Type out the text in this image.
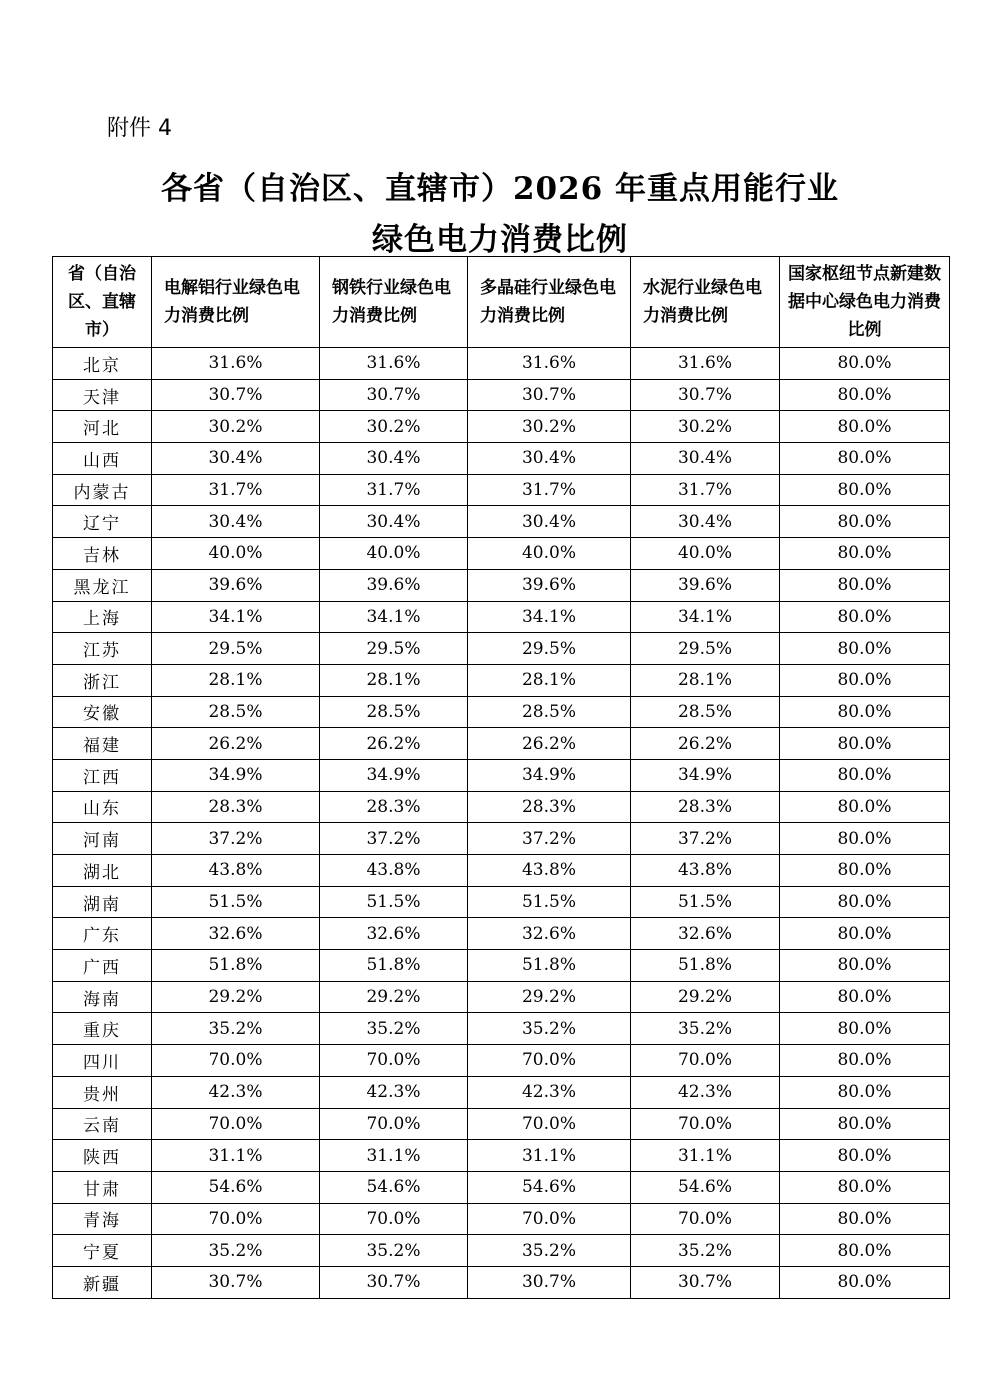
附件 4
各省（自治区、直辖市）2026 年重点用能行业
绿色电力消费比例
省（自治区、直辖市）	电解铝行业绿色电力消费比例	钢铁行业绿色电力消费比例	多晶硅行业绿色电力消费比例	水泥行业绿色电力消费比例	国家枢纽节点新建数据中心绿色电力消费比例
北京	31.6%	31.6%	31.6%	31.6%	80.0%
天津	30.7%	30.7%	30.7%	30.7%	80.0%
河北	30.2%	30.2%	30.2%	30.2%	80.0%
山西	30.4%	30.4%	30.4%	30.4%	80.0%
内蒙古	31.7%	31.7%	31.7%	31.7%	80.0%
辽宁	30.4%	30.4%	30.4%	30.4%	80.0%
吉林	40.0%	40.0%	40.0%	40.0%	80.0%
黑龙江	39.6%	39.6%	39.6%	39.6%	80.0%
上海	34.1%	34.1%	34.1%	34.1%	80.0%
江苏	29.5%	29.5%	29.5%	29.5%	80.0%
浙江	28.1%	28.1%	28.1%	28.1%	80.0%
安徽	28.5%	28.5%	28.5%	28.5%	80.0%
福建	26.2%	26.2%	26.2%	26.2%	80.0%
江西	34.9%	34.9%	34.9%	34.9%	80.0%
山东	28.3%	28.3%	28.3%	28.3%	80.0%
河南	37.2%	37.2%	37.2%	37.2%	80.0%
湖北	43.8%	43.8%	43.8%	43.8%	80.0%
湖南	51.5%	51.5%	51.5%	51.5%	80.0%
广东	32.6%	32.6%	32.6%	32.6%	80.0%
广西	51.8%	51.8%	51.8%	51.8%	80.0%
海南	29.2%	29.2%	29.2%	29.2%	80.0%
重庆	35.2%	35.2%	35.2%	35.2%	80.0%
四川	70.0%	70.0%	70.0%	70.0%	80.0%
贵州	42.3%	42.3%	42.3%	42.3%	80.0%
云南	70.0%	70.0%	70.0%	70.0%	80.0%
陕西	31.1%	31.1%	31.1%	31.1%	80.0%
甘肃	54.6%	54.6%	54.6%	54.6%	80.0%
青海	70.0%	70.0%	70.0%	70.0%	80.0%
宁夏	35.2%	35.2%	35.2%	35.2%	80.0%
新疆	30.7%	30.7%	30.7%	30.7%	80.0%
